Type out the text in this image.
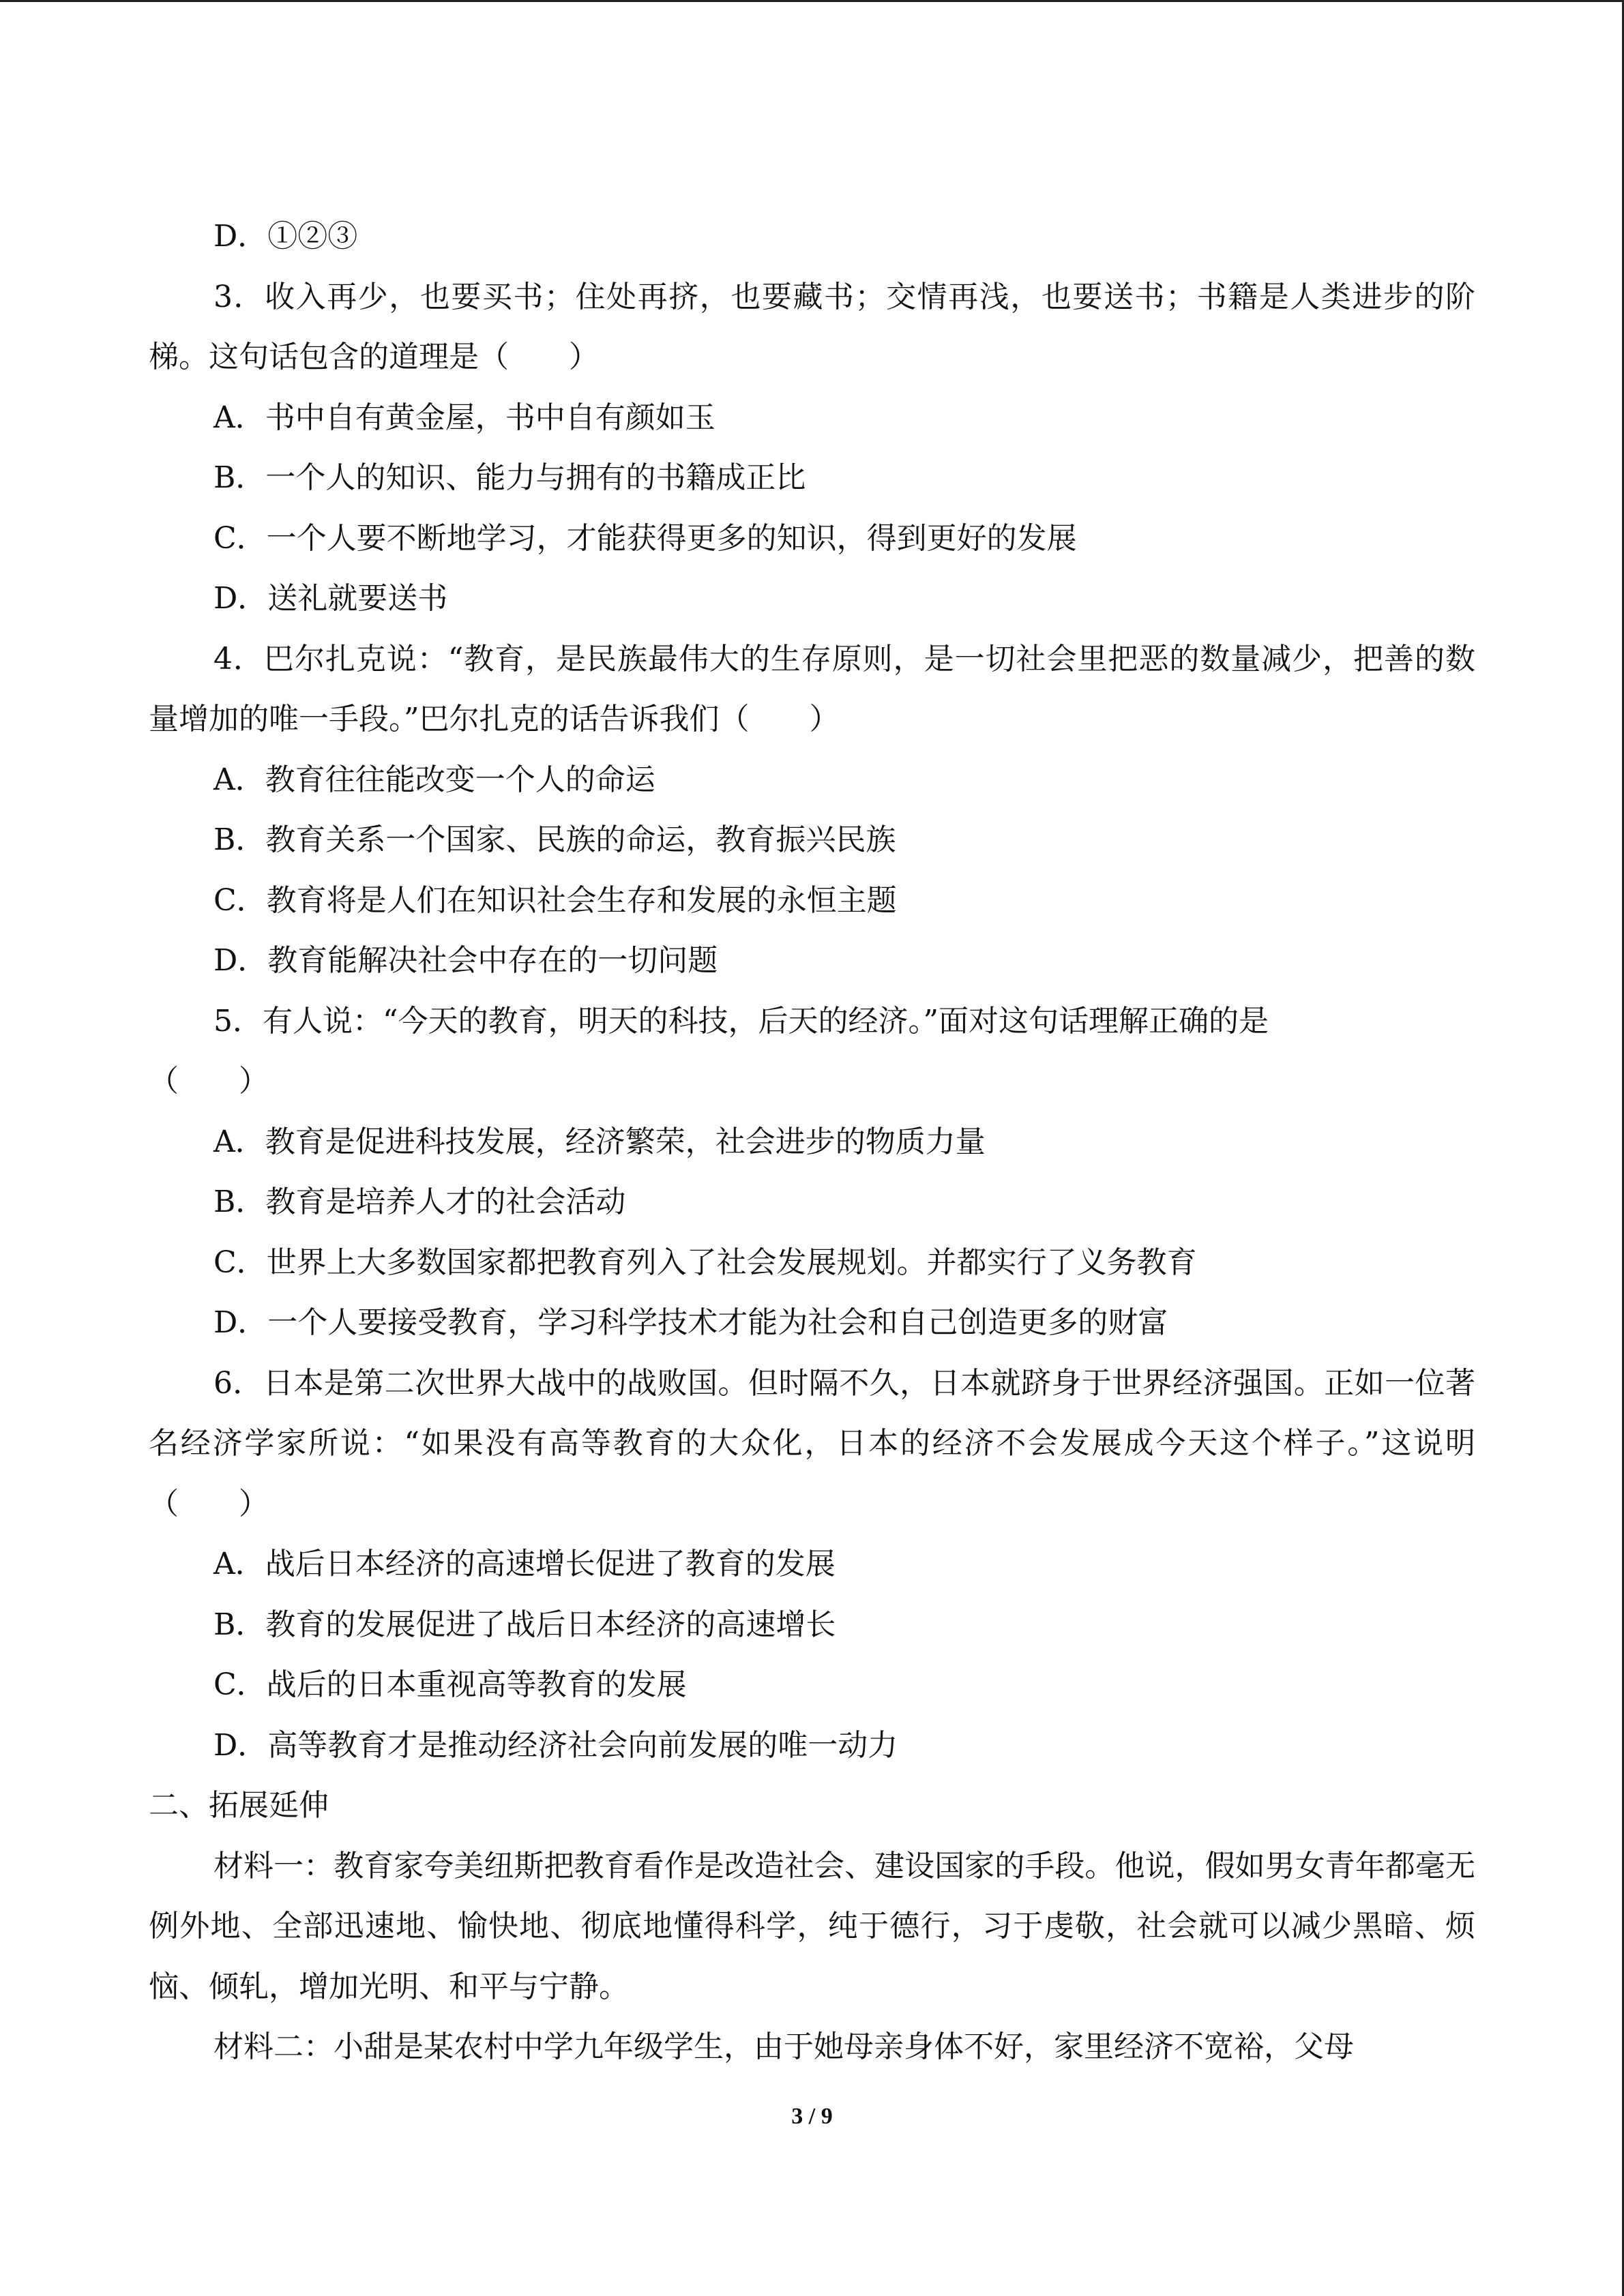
D．①②③
3．收入再少，也要买书；住处再挤，也要藏书；交情再浅，也要送书；书籍是人类进步的阶梯。这句话包含的道理是（　　）
A．书中自有黄金屋，书中自有颜如玉
B．一个人的知识、能力与拥有的书籍成正比
C．一个人要不断地学习，才能获得更多的知识，得到更好的发展
D．送礼就要送书
4．巴尔扎克说：“教育，是民族最伟大的生存原则，是一切社会里把恶的数量减少，把善的数量增加的唯一手段。”巴尔扎克的话告诉我们（　　）
A．教育往往能改变一个人的命运
B．教育关系一个国家、民族的命运，教育振兴民族
C．教育将是人们在知识社会生存和发展的永恒主题
D．教育能解决社会中存在的一切问题
5．有人说：“今天的教育，明天的科技，后天的经济。”面对这句话理解正确的是
（　　）
A．教育是促进科技发展，经济繁荣，社会进步的物质力量
B．教育是培养人才的社会活动
C．世界上大多数国家都把教育列入了社会发展规划。并都实行了义务教育
D．一个人要接受教育，学习科学技术才能为社会和自己创造更多的财富
6．日本是第二次世界大战中的战败国。但时隔不久，日本就跻身于世界经济强国。正如一位著名经济学家所说：“如果没有高等教育的大众化，日本的经济不会发展成今天这个样子。”这说明（　　）
A．战后日本经济的高速增长促进了教育的发展
B．教育的发展促进了战后日本经济的高速增长
C．战后的日本重视高等教育的发展
D．高等教育才是推动经济社会向前发展的唯一动力
二、拓展延伸
材料一：教育家夸美纽斯把教育看作是改造社会、建设国家的手段。他说，假如男女青年都毫无例外地、全部迅速地、愉快地、彻底地懂得科学，纯于德行，习于虔敬，社会就可以减少黑暗、烦恼、倾轧，增加光明、和平与宁静。
材料二：小甜是某农村中学九年级学生，由于她母亲身体不好，家里经济不宽裕，父母
3 / 9
